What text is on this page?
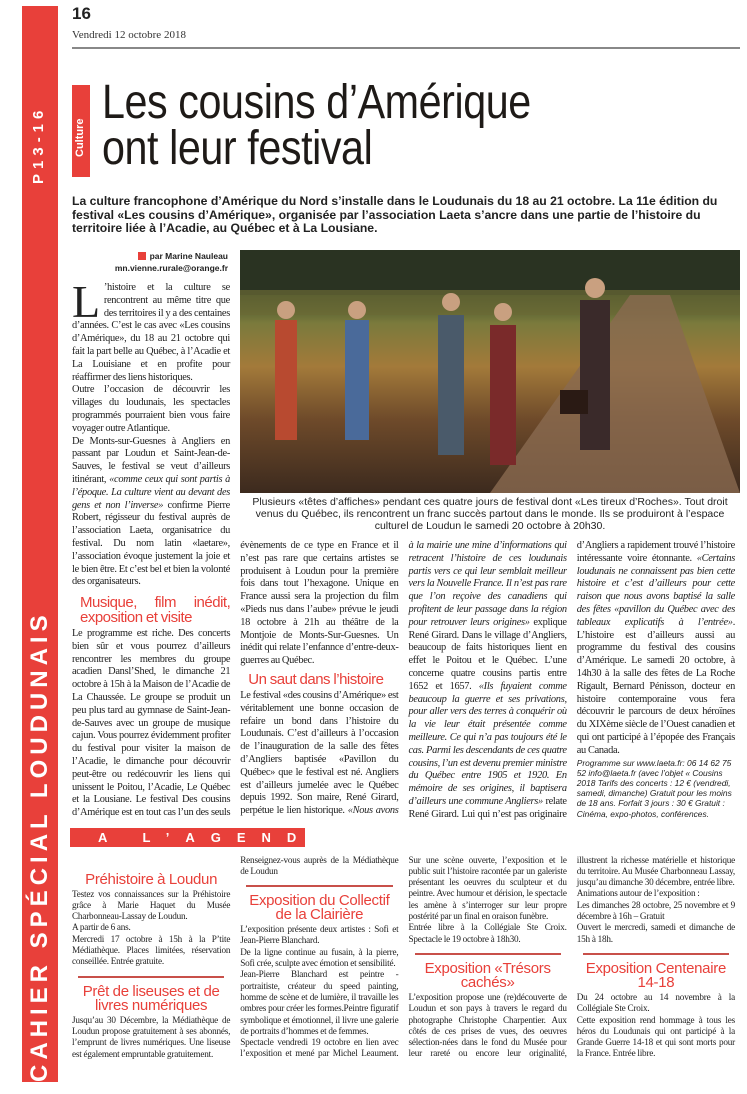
P13-16
CAHIER SPÉCIAL LOUDUNAIS
16
Vendredi 12 octobre 2018
Culture
Les cousins d’Amérique
ont leur festival
La culture francophone d’Amérique du Nord s’installe dans le Loudunais du 18 au 21 octobre. La 11e édition du festival «Les cousins d’Amérique», organisée par l’association Laeta s’ancre dans une partie de l’histoire du territoire liée à l’Acadie, au Québec et à La Lousiane.
par Marine Nauleau
mn.vienne.rurale@orange.fr
Plusieurs «têtes d’affiches» pendant ces quatre jours de festival dont «Les tireux d’Roches». Tout droit venus du Québec, ils rencontrent un franc succès partout dans le monde. Ils se produiront à l’espace culturel de Loudun le samedi 20 octobre à 20h30.

L ’histoire et la culture se rencontrent au même titre que des territoires il y a des centaines d’années. C’est le cas avec «Les cousins d’Amérique», du 18 au 21 octobre qui fait la part belle au Québec, à l’Acadie et La Louisiane et en profite pour réaffirmer des liens historiques.

Outre l’occasion de découvrir les villages du loudunais, les spectacles programmés pourraient bien vous faire voyager outre Atlantique.

De Monts-sur-Guesnes à Angliers en passant par Loudun et Saint-Jean-de-Sauves, le festival se veut d’ailleurs itinérant, «comme ceux qui sont partis à l’époque. La culture vient au devant des gens et non l’inverse» confirme Pierre Robert, régisseur du festival auprès de l’association Laeta, organisatrice du festival. Du nom latin «laetare», l’association évoque justement la joie et le bien être. Et c’est bel et bien la volonté des organisateurs.

Musique, film inédit, exposition et visite

Le programme est riche. Des concerts bien sûr et vous pourrez d’ailleurs rencontrer les membres du groupe acadien Dansl’Shed, le dimanche 21 octobre à 15h à la Maison de l’Acadie de La Chaussée. Le groupe se produit un peu plus tard au gymnase de Saint-Jean-de-Sauves avec un groupe de musique cajun. Vous pourrez évidemment profiter du festival pour visiter la maison de l’Acadie, le dimanche pour découvrir peut-être ou redécouvrir les liens qui unissent le Poitou, l’Acadie, Le Québec et la Lousiane. Le festival Des cousins d’Amérique est en tout cas l’un des seuls évènements de ce type en France et il n’est pas rare que certains artistes se produisent à Loudun pour la première fois dans tout l’hexagone. Unique en France aussi sera la projection du film «Pieds nus dans l’aube» prévue le jeudi 18 octobre à 21h au théâtre de la Montjoie de Monts-Sur-Guesnes. Un inédit qui relate l’enfannce d’entre-deux-guerres au Québec.

Un saut dans l’histoire

Le festival «des cousins d’Amérique» est véritablement une bonne occasion de refaire un bond dans l’histoire du Loudunais. C’est d’ailleurs à l’occasion de l’inauguration de la salle des fêtes d’Angliers baptisée «Pavillon du Québec» que le festival est né. Angliers est d’ailleurs jumelée avec le Québec depuis 1992. Son maire, René Girard, perpétue le lien historique. «Nous avons à la mairie une mine d’informations qui retracent l’histoire de ces loudunais partis vers ce qui leur semblait meilleur vers la Nouvelle France. Il n’est pas rare que l’on reçoive des canadiens qui profitent de leur passage dans la région pour retrouver leurs origines» explique René Girard. Dans le village d’Angliers, beaucoup de faits historiques lient en effet le Poitou et le Québec. L’une concerne quatre cousins partis entre 1652 et 1657. «Ils fuyaient comme beaucoup la guerre et ses privations, pour aller vers des terres à conquérir où la vie leur était présentée comme meilleure. Ce qui n’a pas toujours été le cas. Parmi les descendants de ces quatre cousins, l’un est devenu premier ministre du Québec entre 1905 et 1920. En mémoire de ses origines, il baptisera d’ailleurs une commune Angliers» relate René Girard. Lui qui n’est pas originaire d’Angliers a rapidement trouvé l’histoire intéressante voire étonnante. «Certains loudunais ne connaissent pas bien cette histoire et c’est d’ailleurs pour cette raison que nous avons baptisé la salle des fêtes «pavillon du Québec avec des tableaux explicatifs à l’entrée». L’histoire est d’ailleurs aussi au programme du festival des cousins d’Amérique. Le samedi 20 octobre, à 14h30 à la salle des fêtes de La Roche Rigault, Bernard Pénisson, docteur en histoire contemporaine vous fera découvrir le parcours de deux héroïnes du XIXème siècle de l’Ouest canadien et qui ont participé à l’épopée des Français au Canada.

Programme sur www.laeta.fr: 06 14 62 75 52 info@laeta.fr (avec l’objet « Cousins 2018 Tarifs des concerts : 12 € (vendredi, samedi, dimanche) Gratuit pour les moins de 18 ans. Forfait 3 jours : 30 € Gratuit : Cinéma, expo-photos, conférences.

A L’AGENDA
Préhistoire à Loudun

Testez vos connaissances sur la Préhistoire grâce à Marie Haquet du Musée Charbonneau-Lassay de Loudun.

A partir de 6 ans.

Mercredi 17 octobre à 15h à la P’tite Médiathèque. Places limitées, réservation conseillée. Entrée gratuite.

Prêt de liseuses et de livres numériques

Jusqu’au 30 Décembre, la Médiathèque de Loudun propose gratuitement à ses abonnés, l’emprunt de livres numériques. Une liseuse est également empruntable gratuitement.

Renseignez-vous auprès de la Médiathèque de Loudun

Exposition du Collectif de la Clairière

L’exposition présente deux artistes : Sofi et Jean-Pierre Blanchard.

De la ligne continue au fusain, à la pierre, Sofi crée, sculpte avec émotion et sensibilité.

Jean-Pierre Blanchard est peintre - portraitiste, créateur du speed painting, homme de scène et de lumière, il travaille les ombres pour créer les formes.Peintre figuratif symbolique et émotionnel, il livre une galerie de portraits d’hommes et de femmes.

Spectacle vendredi 19 octobre en lien avec l’exposition et mené par Michel Leaument. Sur une scène ouverte, l’exposition et le public suit l’histoire racontée par un galeriste présentant les oeuvres du sculpteur et du peintre. Avec humour et dérision, le spectacle les amène à s’interroger sur leur propre postérité par un final en oraison funèbre.

Entrée libre à la Collégiale Ste Croix. Spectacle le 19 octobre à 18h30.

Exposition «Trésors cachés»

L’exposition propose une (re)découverte de Loudun et son pays à travers le regard du photographe Christophe Charpentier. Aux côtés de ces prises de vues, des oeuvres sélection-nées dans le fond du Musée pour leur rareté ou encore leur originalité, illustrent la richesse matérielle et historique du territoire. Au Musée Charbonneau Lassay, jusqu’au dimanche 30 décembre, entrée libre.

Animations autour de l’exposition :

Les dimanches 28 octobre, 25 novembre et 9 décembre à 16h – Gratuit

Ouvert le mercredi, samedi et dimanche de 15h à 18h.

Exposition Centenaire 14-18

Du 24 octobre au 14 novembre à la Collégiale Ste Croix.

Cette exposition rend hommage à tous les héros du Loudunais qui ont participé à la Grande Guerre 14-18 et qui sont morts pour la France. Entrée libre.
